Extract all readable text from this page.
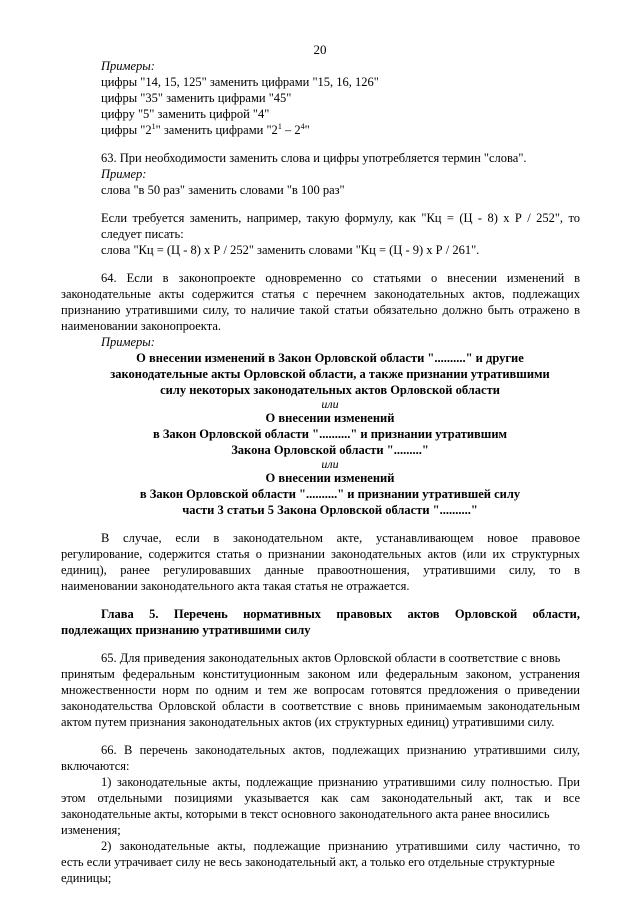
20
Примеры:
цифры "14, 15, 125" заменить цифрами "15, 16, 126"
цифры "35" заменить цифрами "45"
цифру "5" заменить цифрой "4"
цифры "$2^1$" заменить цифрами "$2^1 - 2^4$"
63. При необходимости заменить слова и цифры употребляется термин "слова".
Пример:
слова "в 50 раз" заменить словами "в 100 раз"
Если требуется заменить, например, такую формулу, как "Кц = (Ц - 8) х Р / 252", то
следует писать:
слова "Кц = (Ц - 8) х Р / 252" заменить словами "Кц = (Ц - 9) х Р / 261".
64. Если в законопроекте одновременно со статьями о внесении изменений в
законодательные акты содержится статья с перечнем законодательных актов, подлежащих
признанию утратившими силу, то наличие такой статьи обязательно должно быть отражено в
наименовании законопроекта.
Примеры:
О внесении изменений в Закон Орловской области ".........." и другие
законодательные акты Орловской области, а также признании утратившими
силу некоторых законодательных актов Орловской области
или
О внесении изменений
в Закон Орловской области ".........." и признании утратившим
Закона Орловской области "........."
или
О внесении изменений
в Закон Орловской области ".........." и признании утратившей силу
части 3 статьи 5 Закона Орловской области ".........."
В случае, если в законодательном акте, устанавливающем новое правовое
регулирование, содержится статья о признании законодательных актов (или их структурных
единиц), ранее регулировавших данные правоотношения, утратившими силу, то в
наименовании законодательного акта такая статья не отражается.
Глава 5. Перечень нормативных правовых актов Орловской области,
подлежащих признанию утратившими силу
65. Для приведения законодательных актов Орловской области в соответствие с вновь
принятым федеральным конституционным законом или федеральным законом, устранения
множественности норм по одним и тем же вопросам готовятся предложения о приведении
законодательства Орловской области в соответствие с вновь принимаемым законодательным
актом путем признания законодательных актов (их структурных единиц) утратившими силу.
66. В перечень законодательных актов, подлежащих признанию утратившими силу,
включаются:
1) законодательные акты, подлежащие признанию утратившими силу полностью. При
этом отдельными позициями указывается как сам законодательный акт, так и все
законодательные акты, которыми в текст основного законодательного акта ранее вносились
изменения;
2) законодательные акты, подлежащие признанию утратившими силу частично, то
есть если утрачивает силу не весь законодательный акт, а только его отдельные структурные
единицы;
